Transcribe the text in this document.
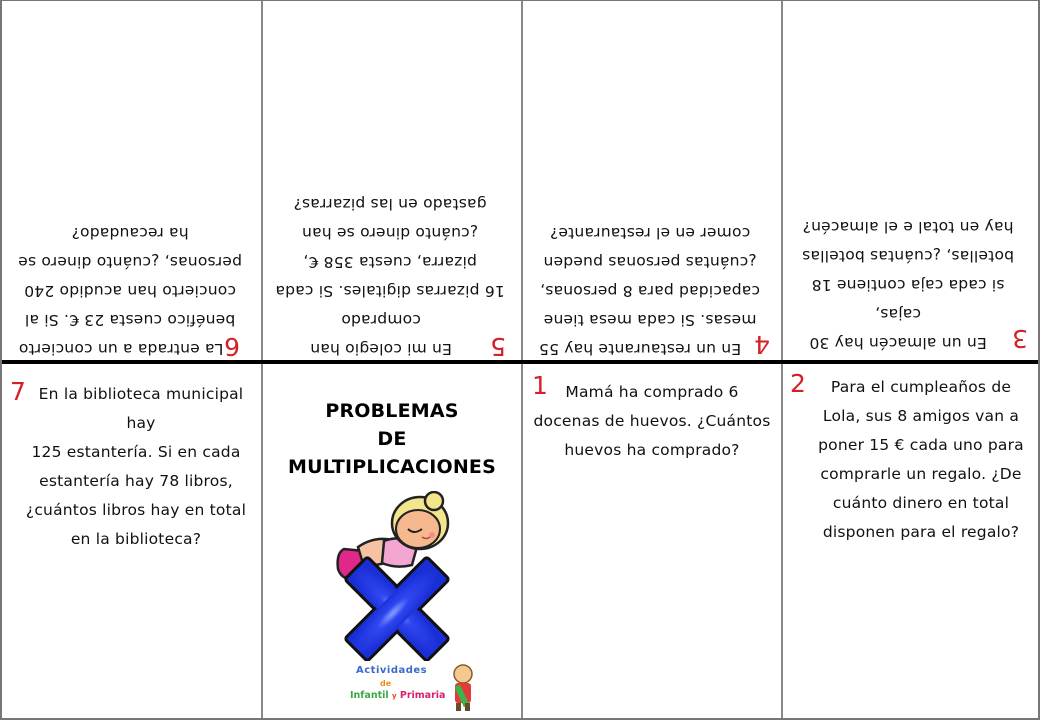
6
La entrada a un concierto
benéfico cuesta 23 €. Si al
concierto han acudido 240
personas, ¿cuánto dinero se
ha recaudado?
5
En mi colegio han comprado
16 pizarras digitales. Si cada
pizarra, cuesta 358 €,
¿cuánto dinero se han
gastado en las pizarras?
4
En un restaurante hay 55
mesas. Si cada mesa tiene
capacidad para 8 personas,
¿cuántas personas pueden
comer en el restaurante?
3
En un almacén hay 30 cajas,
si cada caja contiene 18
botellas, ¿cuántas botellas
hay en total e el almacén?
7 En la biblioteca municipal hay
125 estantería. Si en cada
estantería hay 78 libros,
¿cuántos libros hay en total
en la biblioteca?
PROBLEMAS
DE
MULTIPLICACIONES
Actividades
de
Infantil y Primaria
1	Mamá ha comprado 6
docenas de huevos. ¿Cuántos
huevos ha comprado?
2	Para el cumpleaños de
Lola, sus 8 amigos van a
poner 15 € cada uno para
comprarle un regalo. ¿De
cuánto dinero en total
disponen para el regalo?
